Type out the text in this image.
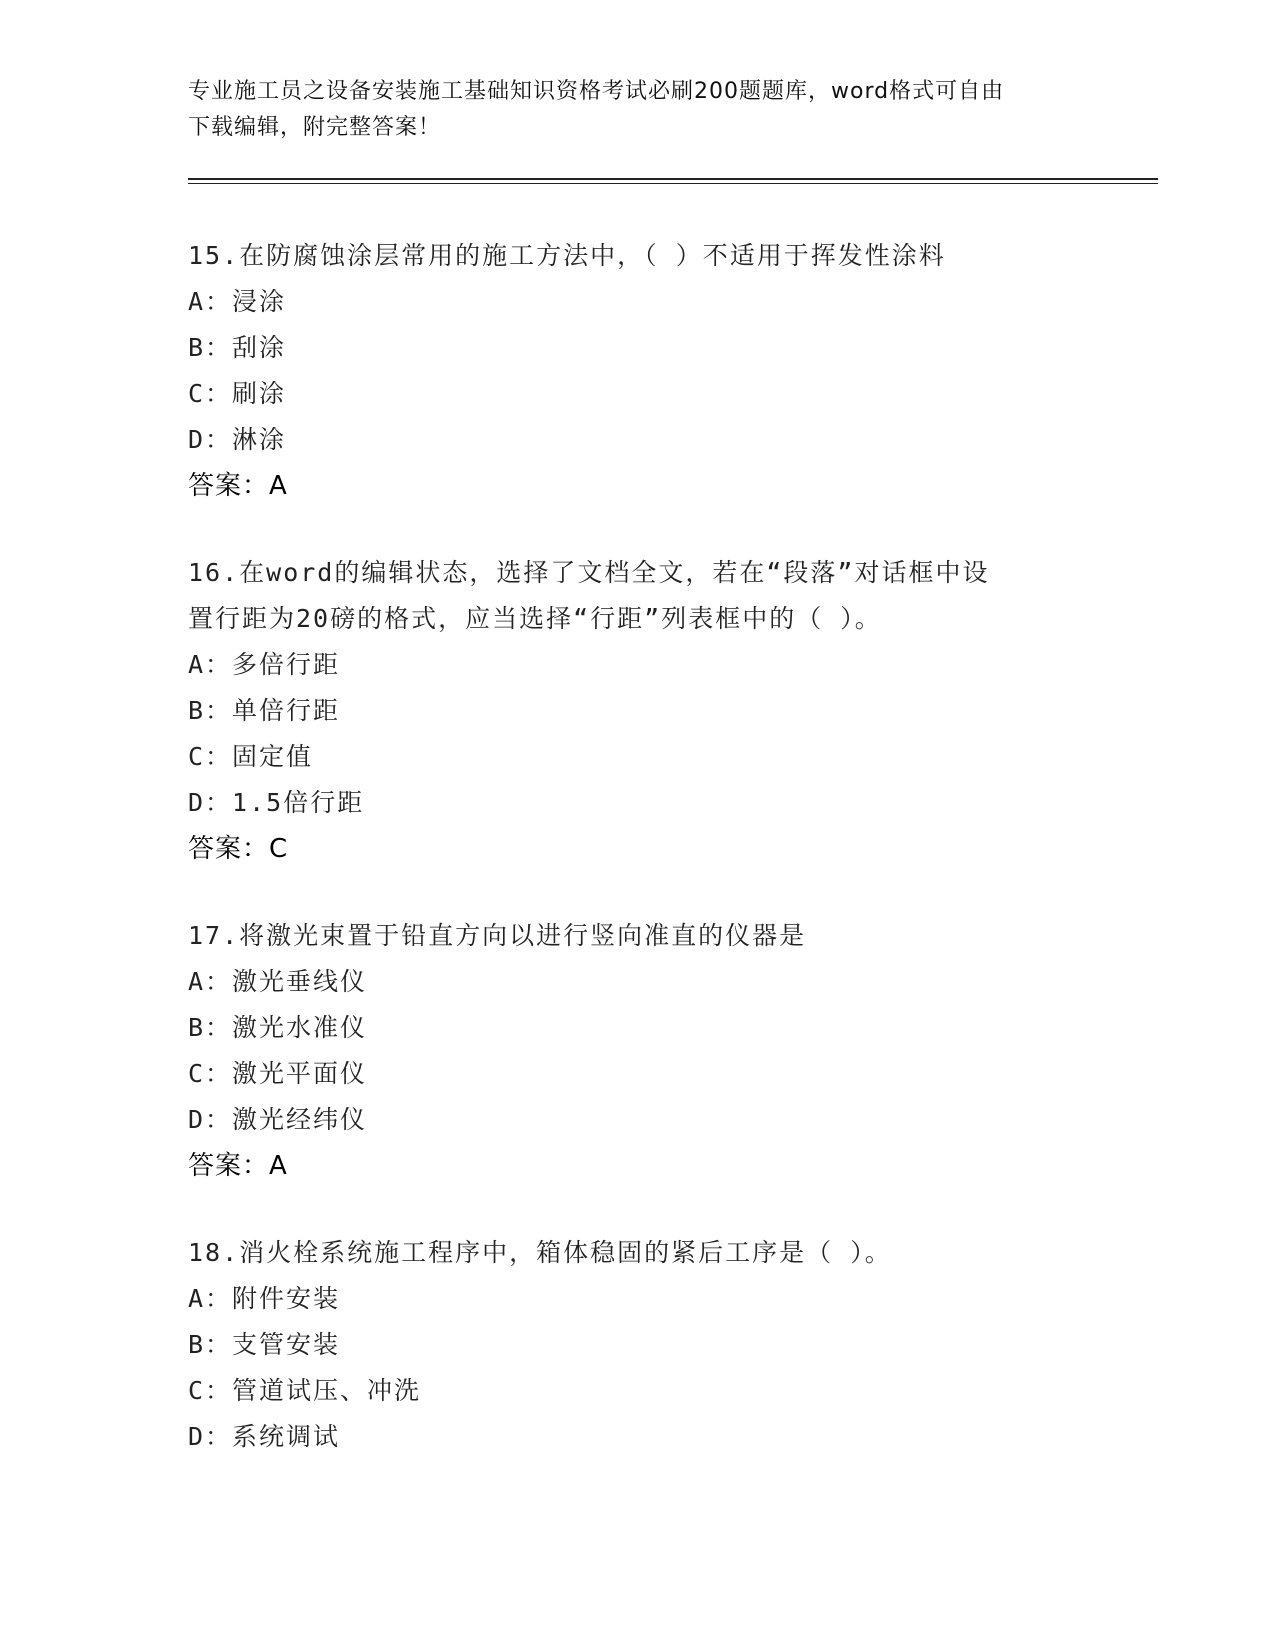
专业施工员之设备安装施工基础知识资格考试必刷200题题库，word格式可自由
下载编辑，附完整答案！
15.在防腐蚀涂层常用的施工方法中，（ ）不适用于挥发性涂料
A：浸涂
B：刮涂
C：刷涂
D：淋涂
答案：A
16.在word的编辑状态，选择了文档全文，若在“段落”对话框中设
置行距为20磅的格式，应当选择“行距”列表框中的（ ）。
A：多倍行距
B：单倍行距
C：固定值
D：1.5倍行距
答案：C
17.将激光束置于铅直方向以进行竖向准直的仪器是
A：激光垂线仪
B：激光水准仪
C：激光平面仪
D：激光经纬仪
答案：A
18.消火栓系统施工程序中，箱体稳固的紧后工序是（ ）。
A：附件安装
B：支管安装
C：管道试压、冲洗
D：系统调试
